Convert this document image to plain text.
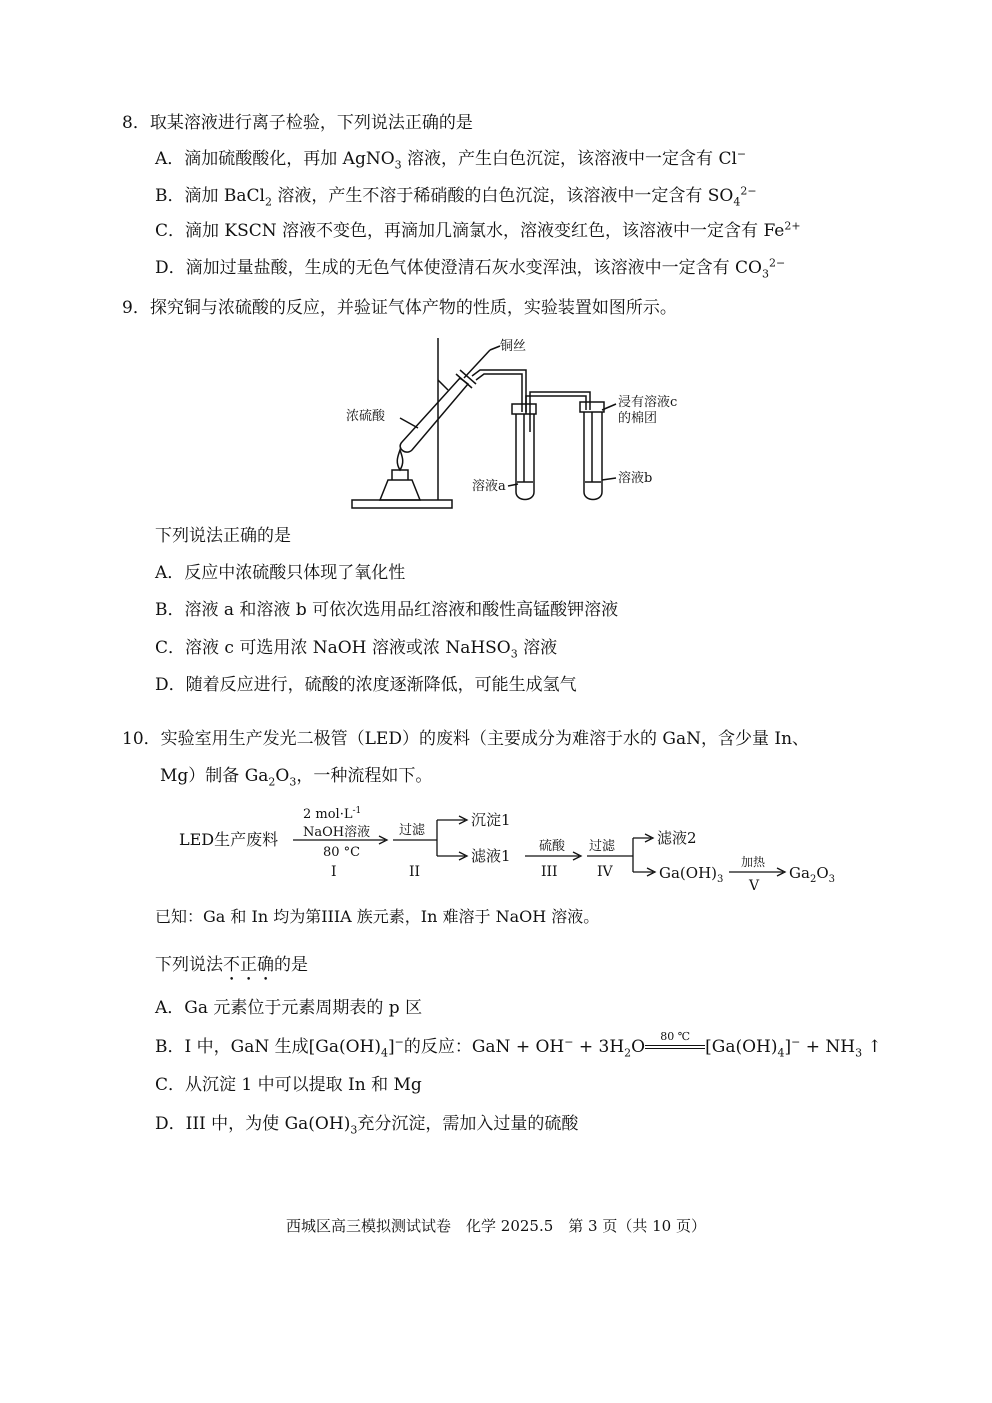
8．取某溶液进行离子检验，下列说法正确的是
A．滴加硫酸酸化，再加 AgNO$_3$ 溶液，产生白色沉淀，该溶液中一定含有 Cl−
B．滴加 BaCl$_2$ 溶液，产生不溶于稀硝酸的白色沉淀，该溶液中一定含有 $SO_4^{2-}$
C．滴加 KSCN 溶液不变色，再滴加几滴氯水，溶液变红色，该溶液中一定含有 $Fe^{2+}$
D．滴加过量盐酸，生成的无色气体使澄清石灰水变浑浊，该溶液中一定含有 $CO_3^{2-}$
9．探究铜与浓硫酸的反应，并验证气体产物的性质，实验装置如图所示。
铜丝
浓硫酸
浸有溶液c
的棉团
溶液a
溶液b
下列说法正确的是
A．反应中浓硫酸只体现了氧化性
B．溶液 a 和溶液 b 可依次选用品红溶液和酸性高锰酸钾溶液
C．溶液 c 可选用浓 NaOH 溶液或浓 NaHSO$_3$ 溶液
D．随着反应进行，硫酸的浓度逐渐降低，可能生成氢气
10．实验室用生产发光二极管（LED）的废料（主要成分为难溶于水的 GaN，含少量 In、
Mg）制备 $Ga_2O_3$，一种流程如下。
LED生产废料
2 $mol\cdot L^{-1}$
NaOH溶液
80 °C
I
过滤
II
沉淀1
滤液1
硫酸
III
过滤
IV
滤液2
$Ga(OH)_3$
加热
V
$Ga_2O_3$
已知：Ga 和 In 均为第IIIA 族元素，In 难溶于 NaOH 溶液。
下列说法不正确的是
A．Ga 元素位于元素周期表的 p 区
B．I 中，GaN 生成$[Ga(OH)_4]^-$的反应：GaN + $OH^- + 3H_2O$
80 ℃
$[Ga(OH)_4]^- + NH_3$ ↑
C．从沉淀 1 中可以提取 In 和 Mg
D．III 中，为使 $Ga(OH)_3$充分沉淀，需加入过量的硫酸
西城区高三模拟测试试卷　化学 2025.5　第 3 页（共 10 页）
